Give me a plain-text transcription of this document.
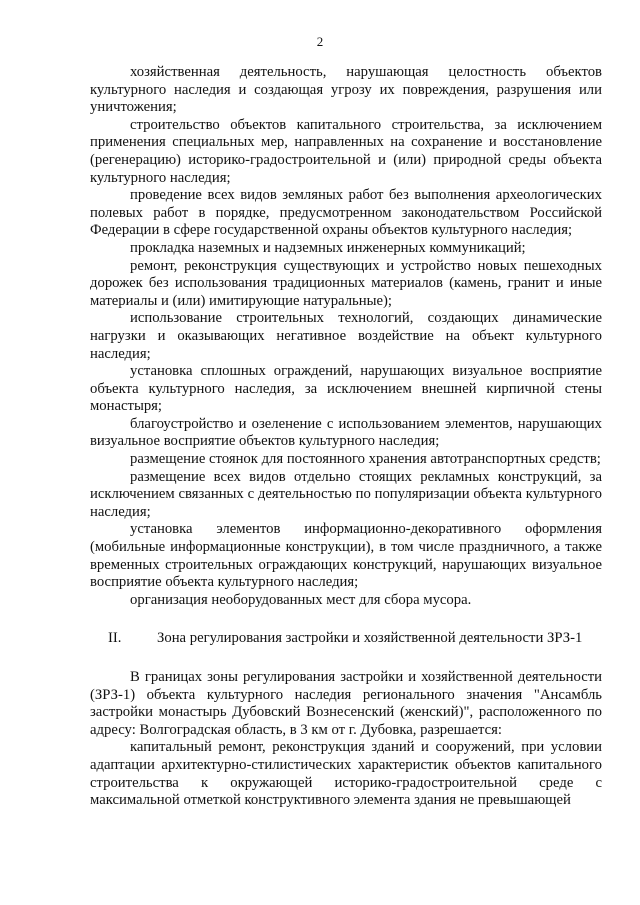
2

хозяйственная деятельность, нарушающая целостность объектов культурного наследия и создающая угрозу их повреждения, разрушения или уничтожения;

строительство объектов капитального строительства, за исключением применения специальных мер, направленных на сохранение и восстановление (регенерацию) историко-градостроительной и (или) природной среды объекта культурного наследия;

проведение всех видов земляных работ без выполнения археологических полевых работ в порядке, предусмотренном законодательством Российской Федерации в сфере государственной охраны объектов культурного наследия;

прокладка наземных и надземных инженерных коммуникаций;

ремонт, реконструкция существующих и устройство новых пешеходных дорожек без использования традиционных материалов (камень, гранит и иные материалы и (или) имитирующие натуральные);

использование строительных технологий, создающих динамические нагрузки и оказывающих негативное воздействие на объект культурного наследия;

установка сплошных ограждений, нарушающих визуальное восприятие объекта культурного наследия, за исключением внешней кирпичной стены монастыря;

благоустройство и озеленение с использованием элементов, нарушающих визуальное восприятие объектов культурного наследия;

размещение стоянок для постоянного хранения автотранспортных средств;

размещение всех видов отдельно стоящих рекламных конструкций, за исключением связанных с деятельностью по популяризации объекта культурного наследия;

установка элементов информационно-декоративного оформления (мобильные информационные конструкции), в том числе праздничного, а также временных строительных ограждающих конструкций, нарушающих визуальное восприятие объекта культурного наследия;

организация необорудованных мест для сбора мусора.

II.	Зона регулирования застройки и хозяйственной деятельности ЗРЗ-1

В границах зоны регулирования застройки и хозяйственной деятельности (ЗРЗ-1) объекта культурного наследия регионального значения "Ансамбль застройки монастырь Дубовский Вознесенский (женский)", расположенного по адресу: Волгоградская область, в 3 км от г. Дубовка, разрешается:

капитальный ремонт, реконструкция зданий и сооружений, при условии адаптации архитектурно-стилистических характеристик объектов капитального строительства к окружающей историко-градостроительной среде с максимальной отметкой конструктивного элемента здания не превышающей
